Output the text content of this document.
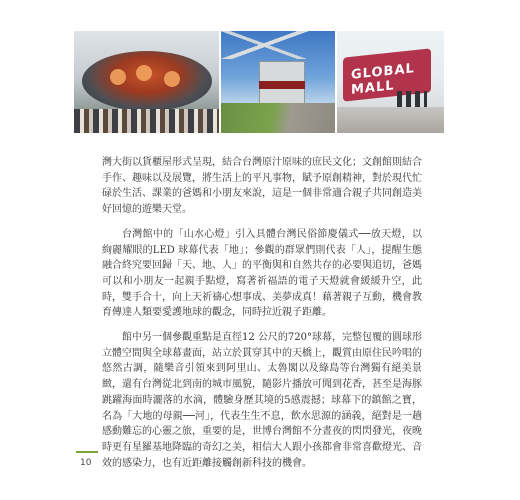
GLOBAL MALL

灣大街以貨櫃屋形式呈現，結合台灣原汁原味的庶民文化；文創館則結合手作、趣味以及展覽，將生活上的平凡事物，賦予原創精神，對於現代忙碌於生活、課業的爸媽和小朋友來說，這是一個非常適合親子共同創造美好回憶的遊樂天堂。

台灣館中的「山水心燈」引入具體台灣民俗節慶儀式──放天燈，以絢麗耀眼的LED 球幕代表「地」；參觀的群眾們則代表「人」，提醒生態融合終究要回歸「天、地、人」的平衡與和自然共存的必要與追切，爸媽可以和小朋友一起親手點燈，寫著祈福語的電子天燈就會緩緩升空，此時，雙手合十，向上天祈禱心想事成、美夢成真！藉著親子互動，機會教育傳達人類要愛護地球的觀念，同時拉近親子距離。

館中另一個參觀重點是直徑12 公尺的720°球幕，完整包覆的圓球形立體空間與全球幕畫面，站立於貫穿其中的天橋上，觀賞由原住民吟唱的悠然古調，隨樂音引領來到阿里山、太魯閣以及綠島等台灣獨有絕美景緻，還有台灣從北到南的城市風貌，隨影片播放可聞到花香，甚至是海豚跳躍海面時灑落的水滴，體驗身歷其境的5感震撼；球幕下的鎮館之寶，名為「大地的母親──河」，代表生生不息，飲水思源的涵義，絕對是一趟感動難忘的心靈之旅，重要的是，世博台灣館不分晝夜的閃閃發光，夜晚時更有星羅基地降臨的奇幻之美，相信大人跟小孩都會非常喜歡燈光、音效的感染力，也有近距離接觸創新科技的機會。

10
